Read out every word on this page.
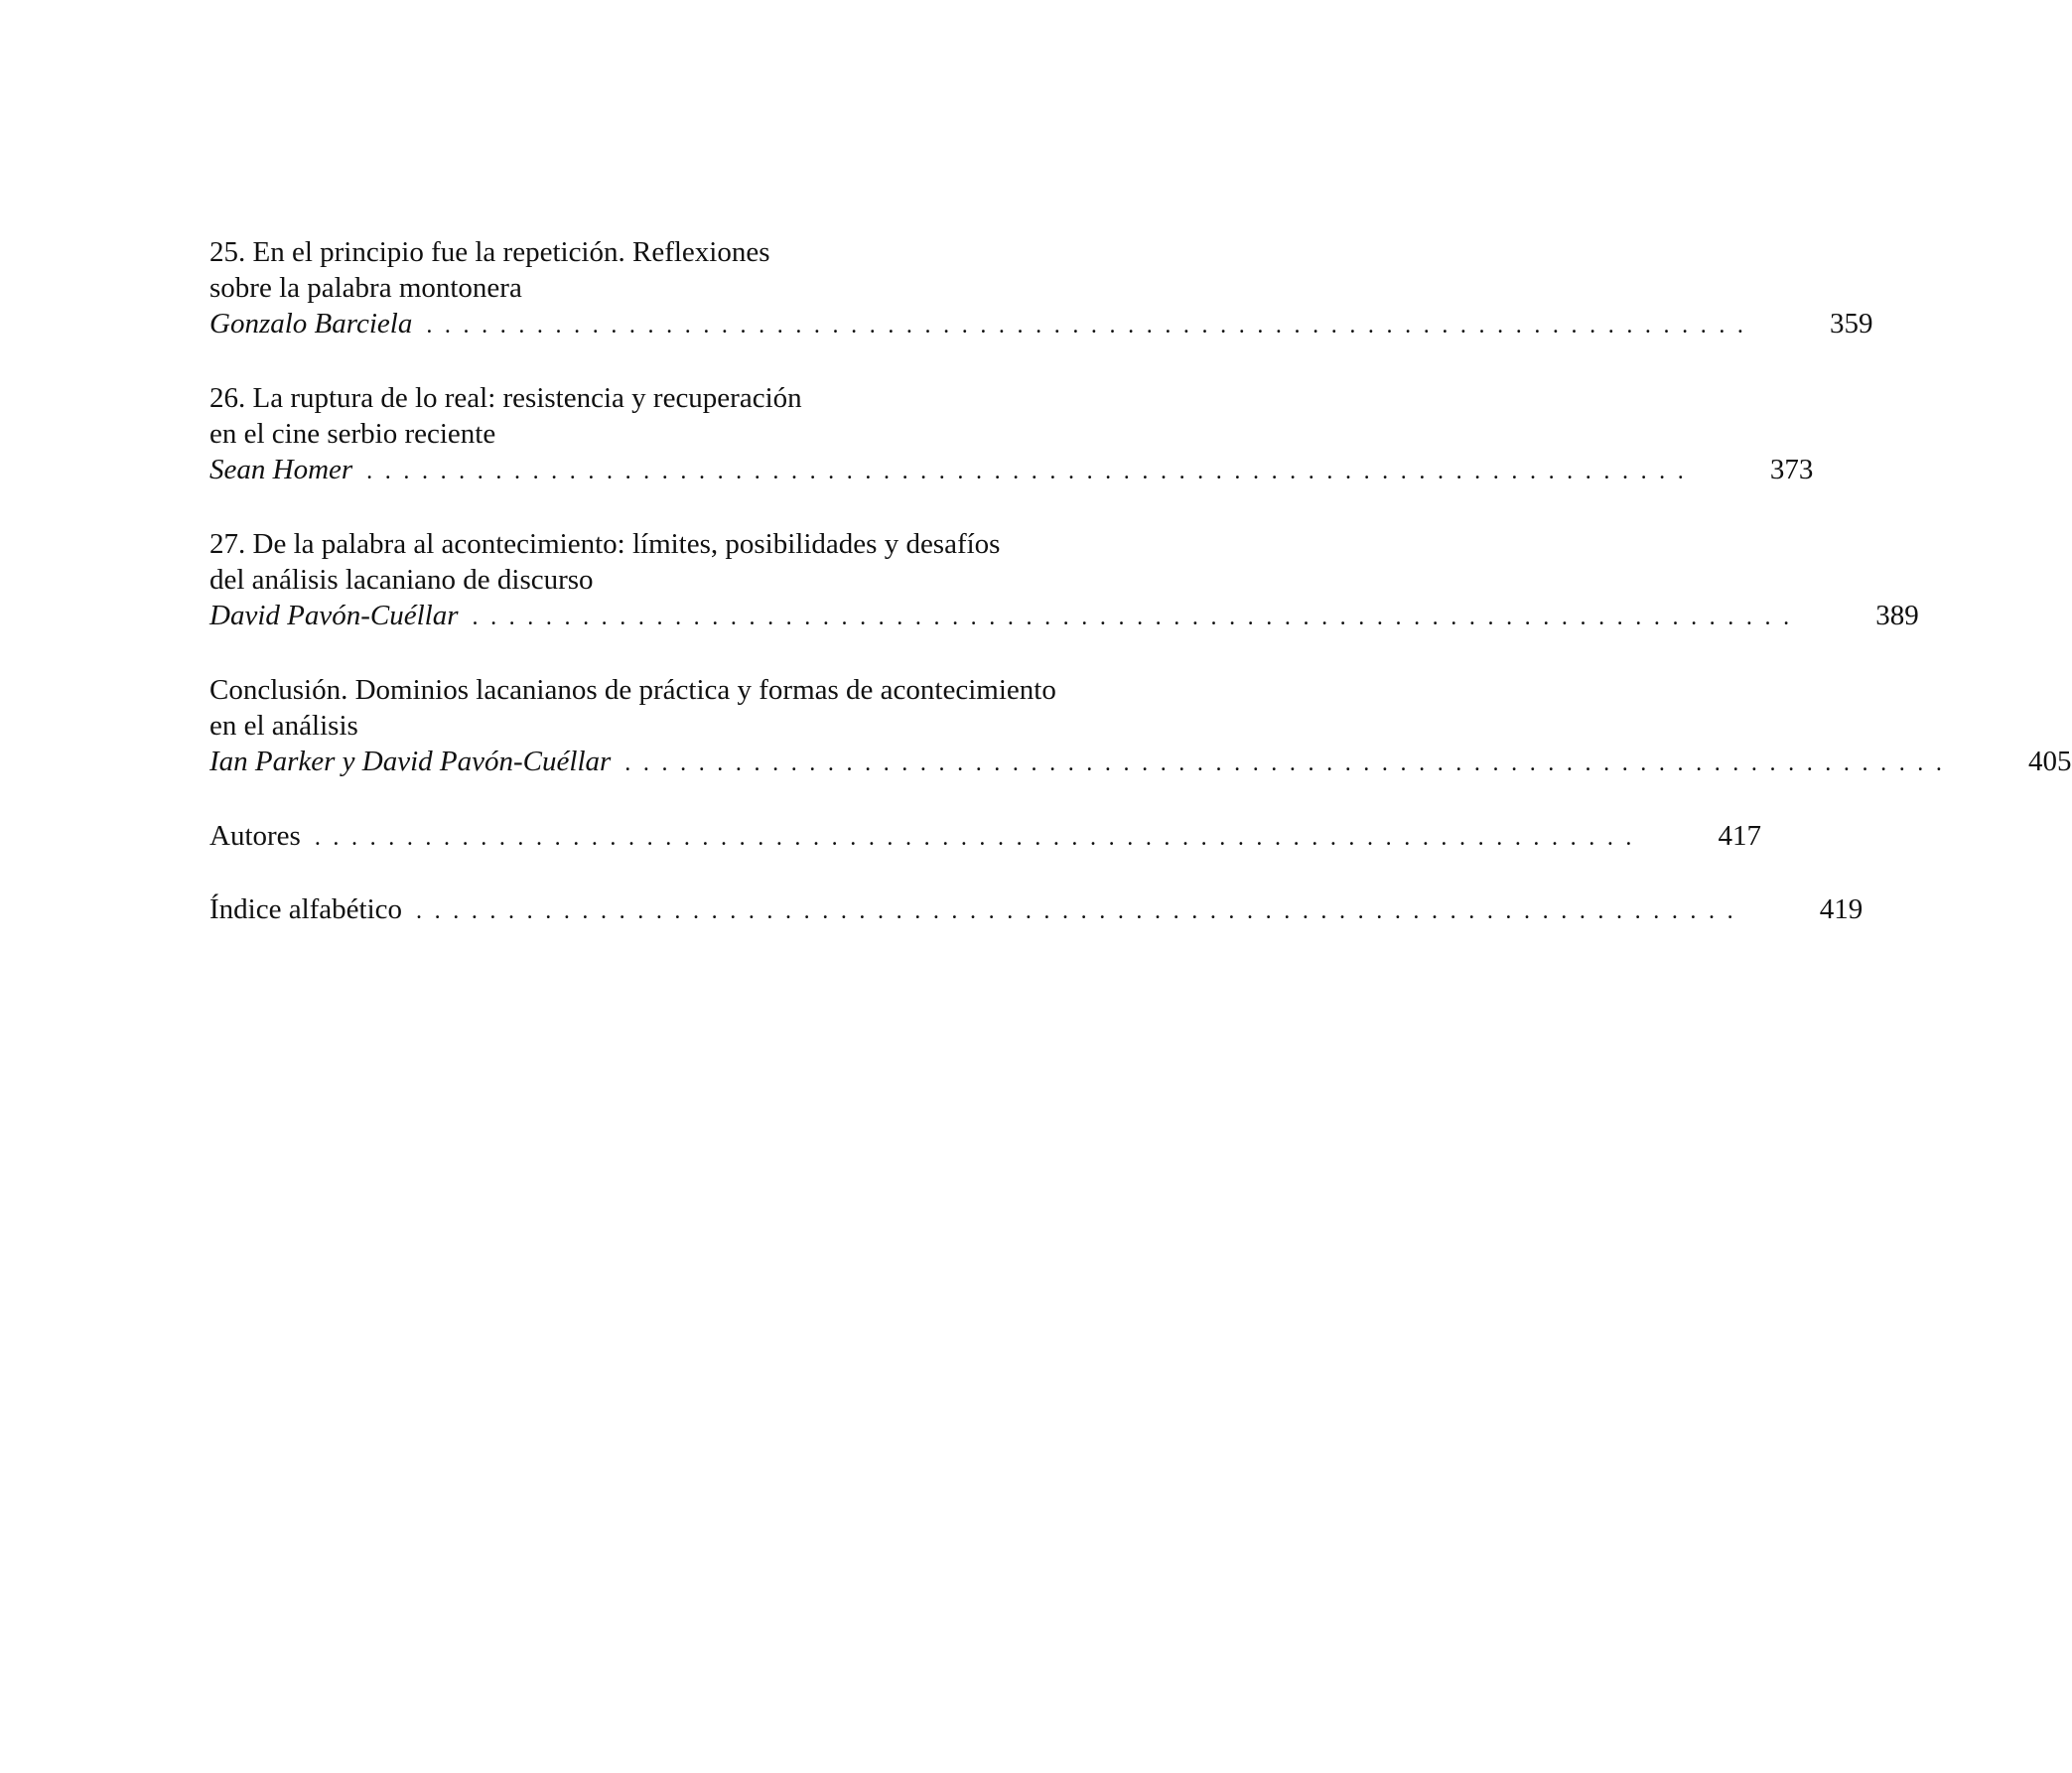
25. En el principio fue la repetición. Reflexiones
sobre la palabra montonera
Gonzalo Barciela ........................................................................	359
26. La ruptura de lo real: resistencia y recuperación
en el cine serbio reciente
Sean Homer ........................................................................	373
27. De la palabra al acontecimiento: límites, posibilidades y desafíos
del análisis lacaniano de discurso
David Pavón-Cuéllar ........................................................................	389
Conclusión. Dominios lacanianos de práctica y formas de acontecimiento
en el análisis
Ian Parker y David Pavón-Cuéllar ........................................................................	405
Autores ........................................................................	417
Índice alfabético ........................................................................	419
